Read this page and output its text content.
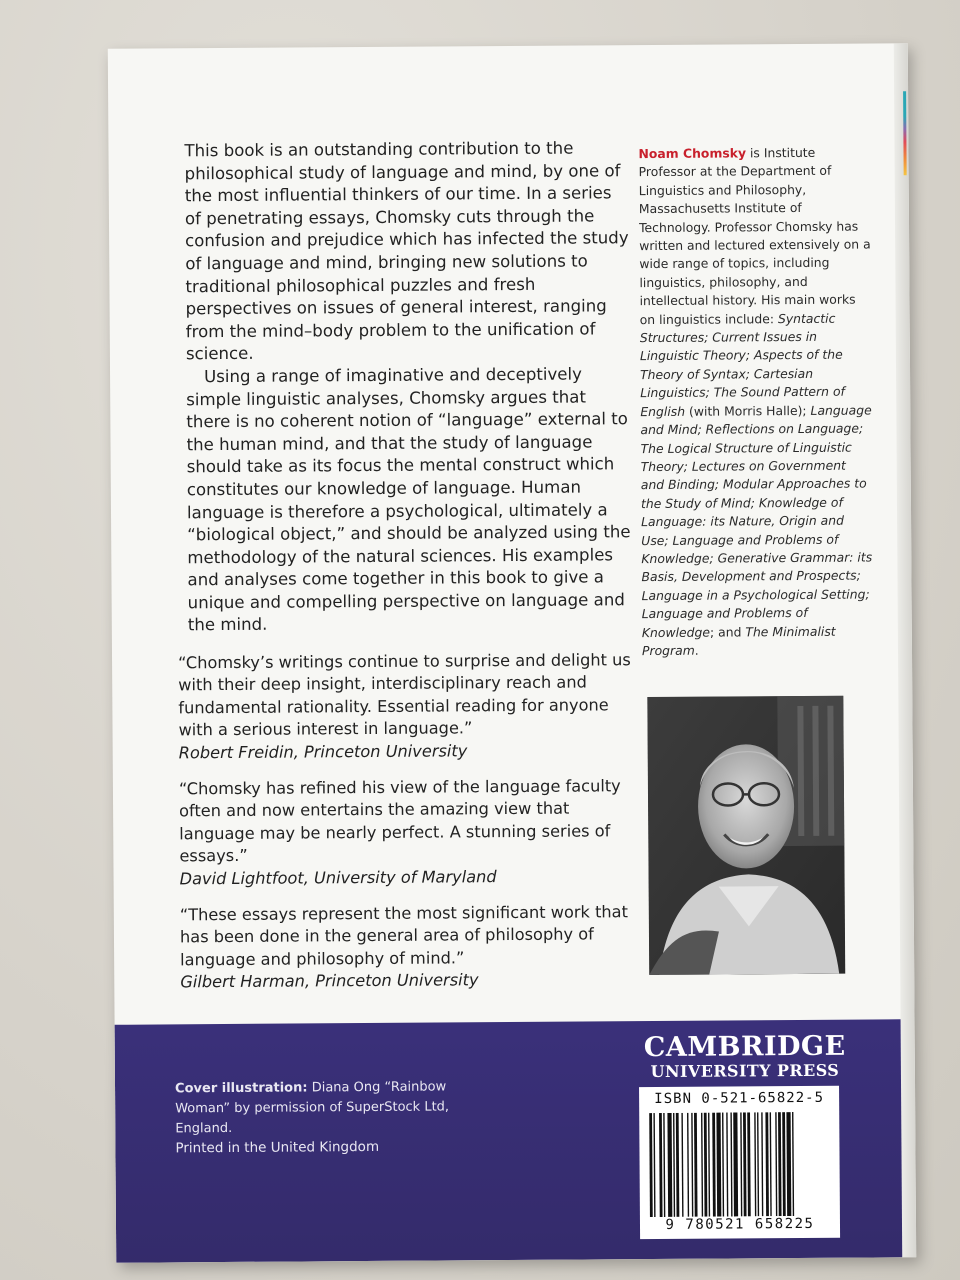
This book is an outstanding contribution to the philosophical study of language and mind, by one of the most influential thinkers of our time. In a series of penetrating essays, Chomsky cuts through the confusion and prejudice which has infected the study of language and mind, bringing new solutions to traditional philosophical puzzles and fresh perspectives on issues of general interest, ranging from the mind–body problem to the unification of science.

Using a range of imaginative and deceptively simple linguistic analyses, Chomsky argues that there is no coherent notion of “language” external to the human mind, and that the study of language should take as its focus the mental construct which constitutes our knowledge of language. Human language is therefore a psychological, ultimately a “biological object,” and should be analyzed using the methodology of the natural sciences. His examples and analyses come together in this book to give a unique and compelling perspective on language and the mind.

“Chomsky’s writings continue to surprise and delight us with their deep insight, interdisciplinary reach and fundamental rationality. Essential reading for anyone with a serious interest in language.”
Robert Freidin, Princeton University
“Chomsky has refined his view of the language faculty often and now entertains the amazing view that language may be nearly perfect. A stunning series of essays.”
David Lightfoot, University of Maryland
“These essays represent the most significant work that has been done in the general area of philosophy of language and philosophy of mind.”
Gilbert Harman, Princeton University
Noam Chomsky is Institute Professor at the Department of Linguistics and Philosophy, Massachusetts Institute of Technology. Professor Chomsky has written and lectured extensively on a wide range of topics, including linguistics, philosophy, and intellectual history. His main works on linguistics include: Syntactic Structures; Current Issues in Linguistic Theory; Aspects of the Theory of Syntax; Cartesian Linguistics; The Sound Pattern of English (with Morris Halle); Language and Mind; Reflections on Language; The Logical Structure of Linguistic Theory; Lectures on Government and Binding; Modular Approaches to the Study of Mind; Knowledge of Language: its Nature, Origin and Use; Language and Problems of Knowledge; Generative Grammar: its Basis, Development and Prospects; Language in a Psychological Setting; Language and Problems of Knowledge; and The Minimalist Program.
Cover illustration: Diana Ong “Rainbow Woman” by permission of SuperStock Ltd, England.
Printed in the United Kingdom
CAMBRIDGE
UNIVERSITY PRESS
ISBN 0-521-65822-5
9 780521 658225
